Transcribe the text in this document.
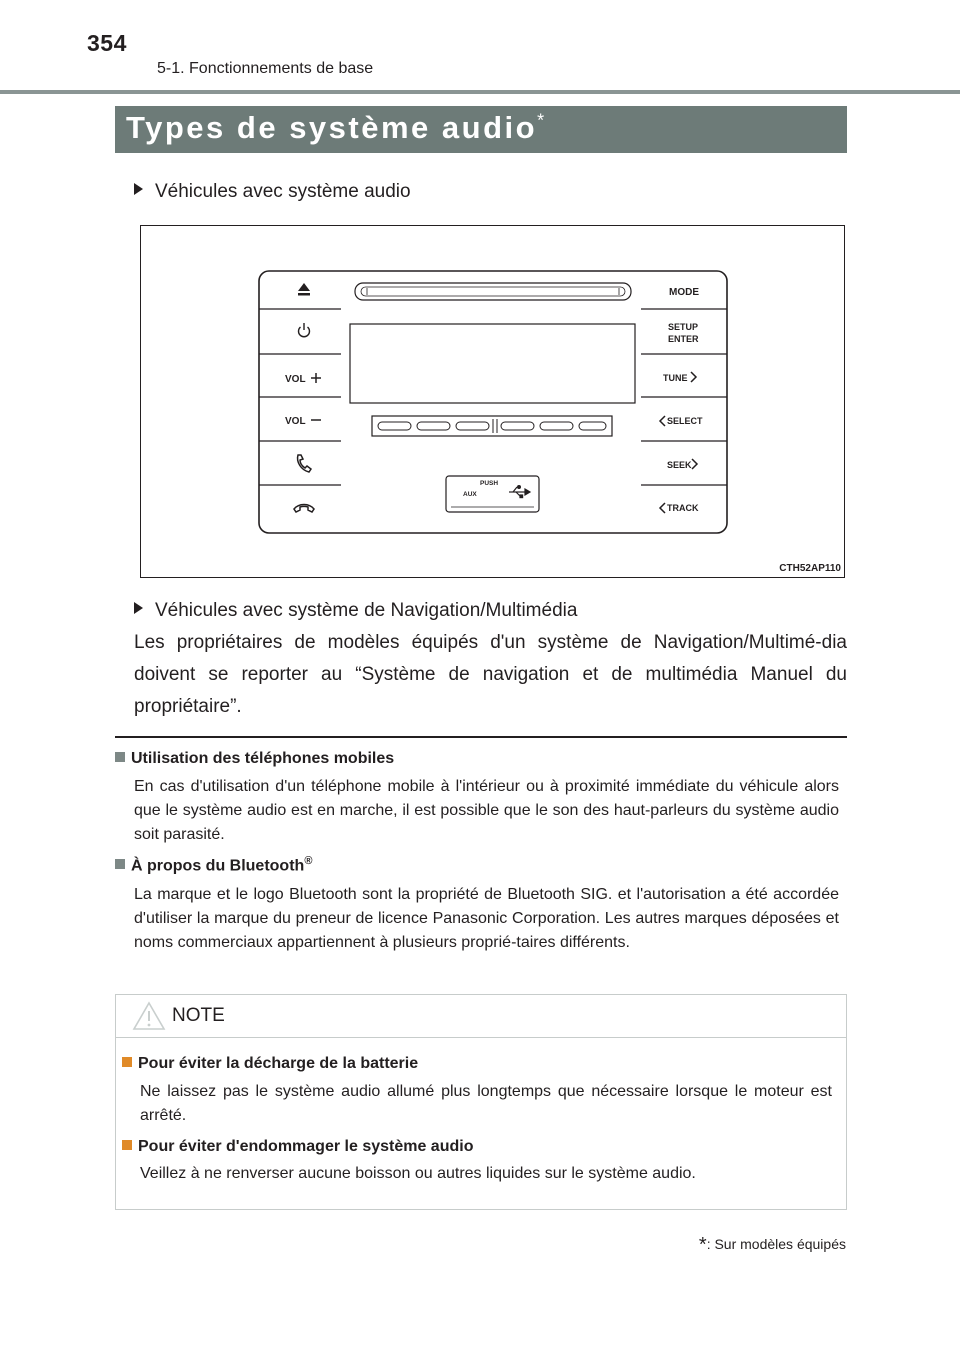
354
5-1. Fonctionnements de base
Types de système audio*
Véhicules avec système audio
VOL
VOL
MODE
SETUP
ENTER
TUNE
SELECT
SEEK
TRACK
PUSH
AUX
CTH52AP110
Véhicules avec système de Navigation/Multimédia
Les propriétaires de modèles équipés d'un système de Navigation/Multimé-dia doivent se reporter au “Système de navigation et de multimédia Manuel du propriétaire”.
Utilisation des téléphones mobiles
En cas d'utilisation d'un téléphone mobile à l'intérieur ou à proximité immédiate du véhicule alors que le système audio est en marche, il est possible que le son des haut-parleurs du système audio soit parasité.
À propos du Bluetooth®
La marque et le logo Bluetooth sont la propriété de Bluetooth SIG. et l'autorisation a été accordée d'utiliser la marque du preneur de licence Panasonic Corporation. Les autres marques déposées et noms commerciaux appartiennent à plusieurs proprié-taires différents.
NOTE
Pour éviter la décharge de la batterie
Ne laissez pas le système audio allumé plus longtemps que nécessaire lorsque le moteur est arrêté.
Pour éviter d'endommager le système audio
Veillez à ne renverser aucune boisson ou autres liquides sur le système audio.
*: Sur modèles équipés
